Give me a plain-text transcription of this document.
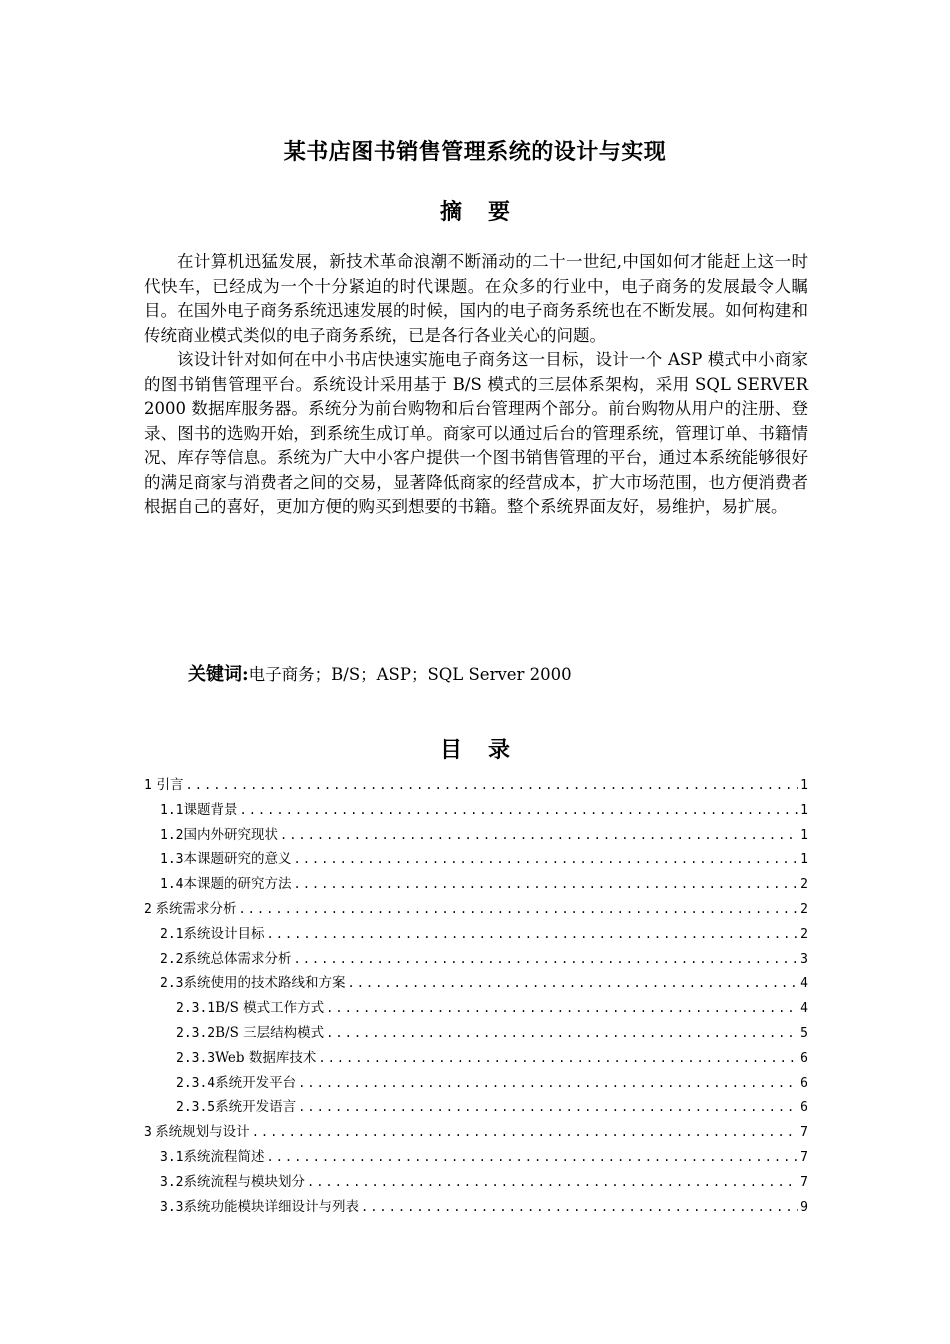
某书店图书销售管理系统的设计与实现
摘 要

在计算机迅猛发展，新技术革命浪潮不断涌动的二十一世纪,中国如何才能赶上这一时代快车，已经成为一个十分紧迫的时代课题。在众多的行业中，电子商务的发展最令人瞩目。在国外电子商务系统迅速发展的时候，国内的电子商务系统也在不断发展。如何构建和传统商业模式类似的电子商务系统，已是各行各业关心的问题。

该设计针对如何在中小书店快速实施电子商务这一目标，设计一个 ASP 模式中小商家的图书销售管理平台。系统设计采用基于 B/S 模式的三层体系架构，采用 SQL SERVER 2000 数据库服务器。系统分为前台购物和后台管理两个部分。前台购物从用户的注册、登录、图书的选购开始，到系统生成订单。商家可以通过后台的管理系统，管理订单、书籍情况、库存等信息。系统为广大中小客户提供一个图书销售管理的平台，通过本系统能够很好的满足商家与消费者之间的交易，显著降低商家的经营成本，扩大市场范围，也方便消费者根据自己的喜好，更加方便的购买到想要的书籍。整个系统界面友好，易维护，易扩展。

关键词:电子商务；B/S；ASP；SQL Server 2000
目 录
1 引言 .....	1
1.1 课题背景 .....	1
1.2 国内外研究现状 .....	1
1.3 本课题研究的意义 .....	1
1.4 本课题的研究方法 .....	2
2 系统需求分析 .....	2
2.1 系统设计目标 .....	2
2.2 系统总体需求分析 .....	3
2.3 系统使用的技术路线和方案 .....	4
2.3.1 B/S 模式工作方式 .....	4
2.3.2 B/S 三层结构模式 .....	5
2.3.3 Web 数据库技术 .....	6
2.3.4 系统开发平台 .....	6
2.3.5 系统开发语言 .....	6
3 系统规划与设计 .....	7
3.1 系统流程简述 .....	7
3.2 系统流程与模块划分 .....	7
3.3 系统功能模块详细设计与列表 .....	9
